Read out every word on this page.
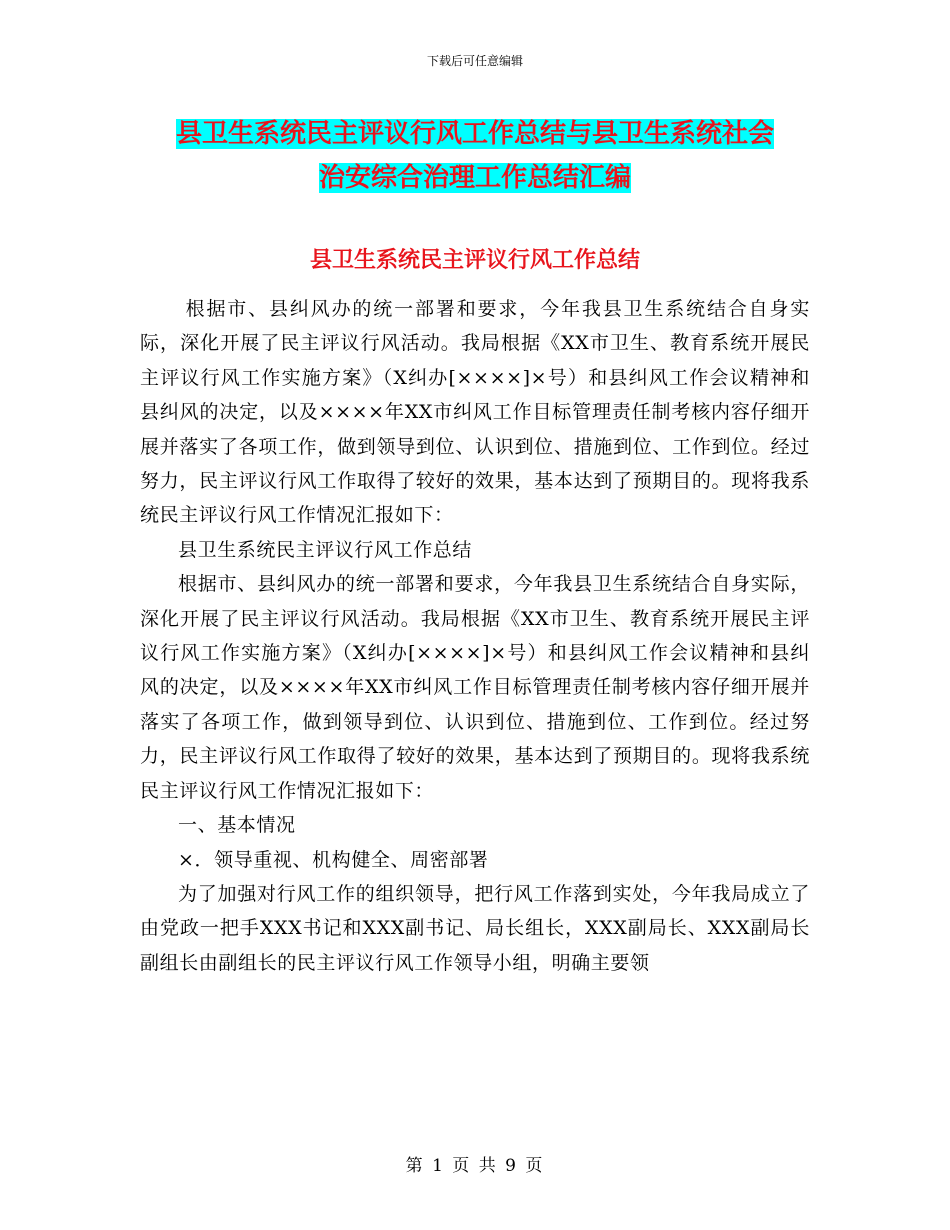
下载后可任意编辑
县卫生系统民主评议行风工作总结与县卫生系统社会
治安综合治理工作总结汇编
县卫生系统民主评议行风工作总结

根据市、县纠风办的统一部署和要求，今年我县卫生系统结合自身实际，深化开展了民主评议行风活动。我局根据《XX市卫生、教育系统开展民主评议行风工作实施方案》（X纠办[××××]×号）和县纠风工作会议精神和县纠风的决定，以及××××年XX市纠风工作目标管理责任制考核内容仔细开展并落实了各项工作，做到领导到位、认识到位、措施到位、工作到位。经过努力，民主评议行风工作取得了较好的效果，基本达到了预期目的。现将我系统民主评议行风工作情况汇报如下：

县卫生系统民主评议行风工作总结

根据市、县纠风办的统一部署和要求，今年我县卫生系统结合自身实际，深化开展了民主评议行风活动。我局根据《XX市卫生、教育系统开展民主评议行风工作实施方案》（X纠办[××××]×号）和县纠风工作会议精神和县纠风的决定，以及××××年XX市纠风工作目标管理责任制考核内容仔细开展并落实了各项工作，做到领导到位、认识到位、措施到位、工作到位。经过努力，民主评议行风工作取得了较好的效果，基本达到了预期目的。现将我系统民主评议行风工作情况汇报如下：

一、基本情况

×．领导重视、机构健全、周密部署

为了加强对行风工作的组织领导，把行风工作落到实处，今年我局成立了由党政一把手XXX书记和XXX副书记、局长组长，XXX副局长、XXX副局长副组长由副组长的民主评议行风工作领导小组，明确主要领

第 1 页 共 9 页
